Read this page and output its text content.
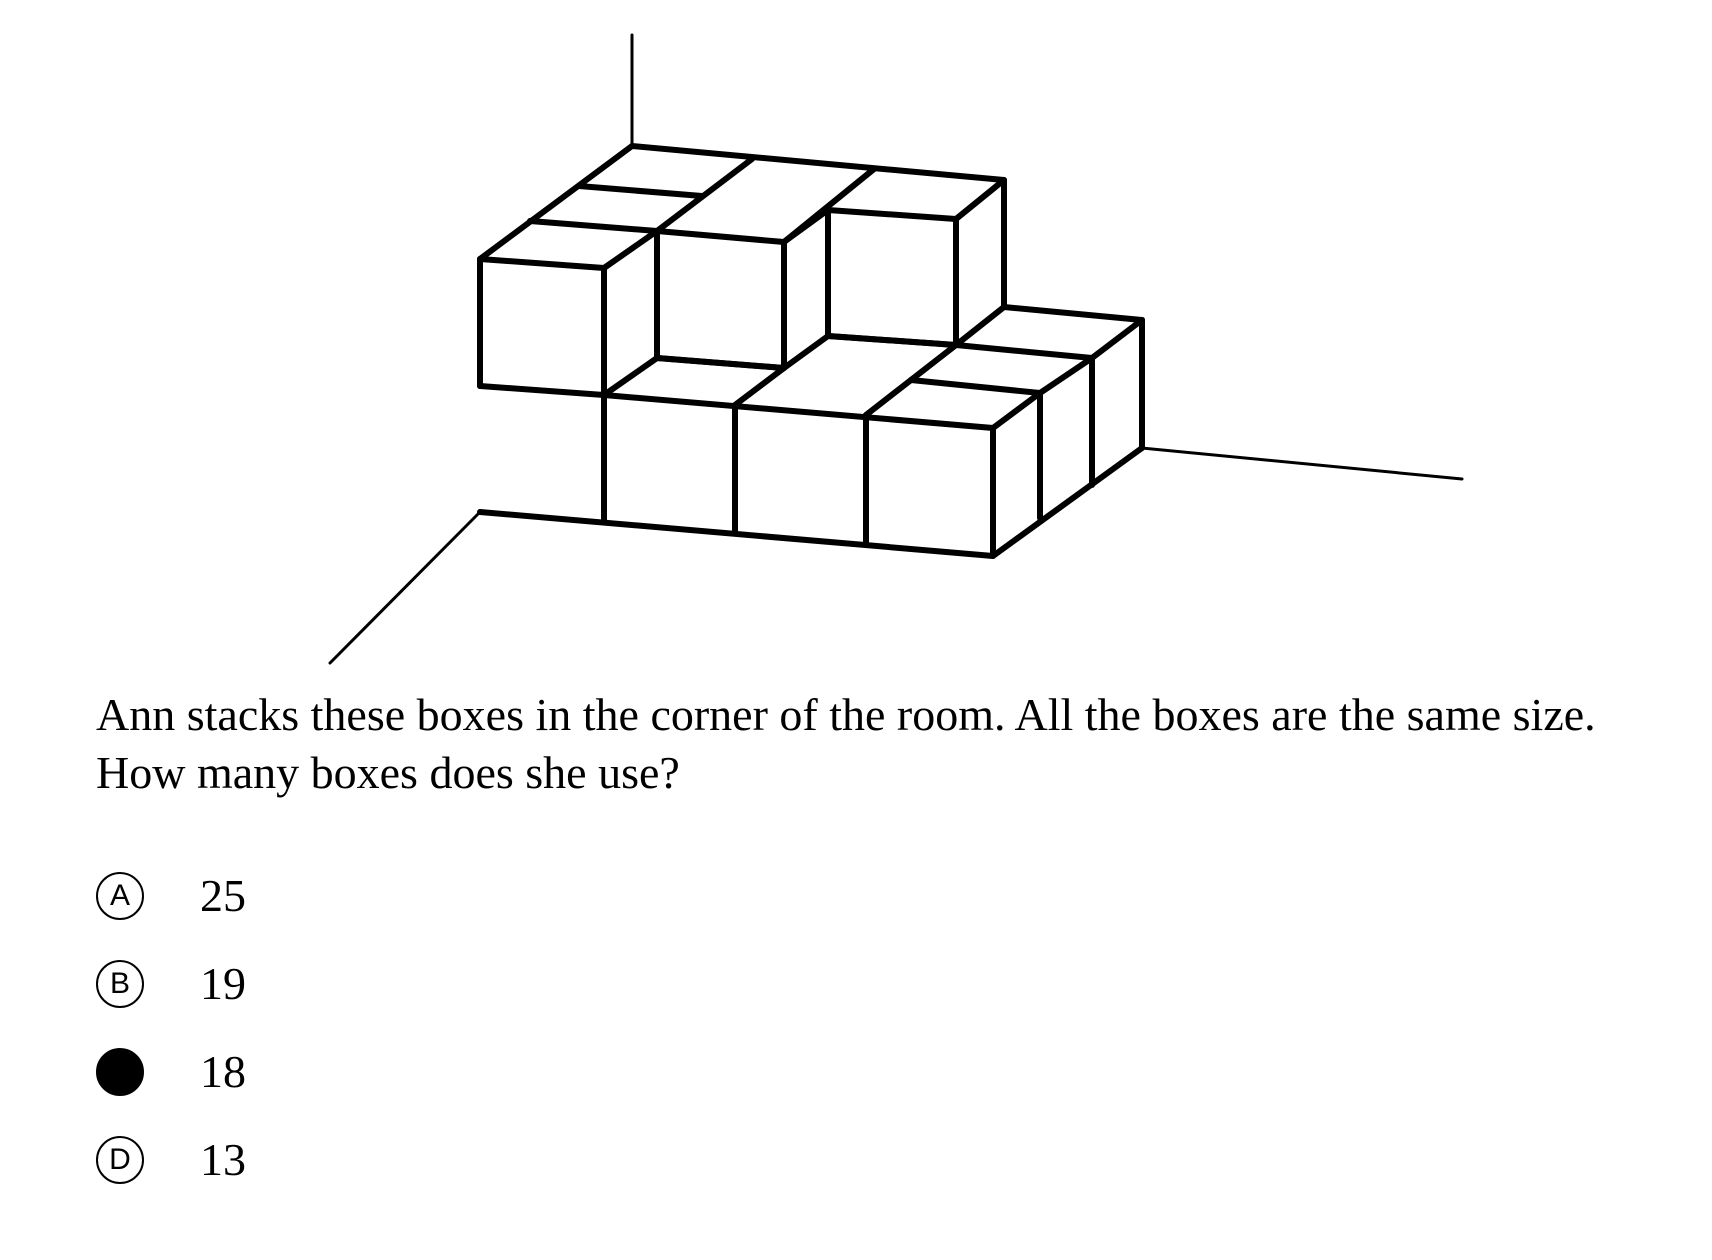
Ann stacks these boxes in the corner of the room. All the boxes are the same size.
How many boxes does she use?
A	25
B	19
18
D 13
